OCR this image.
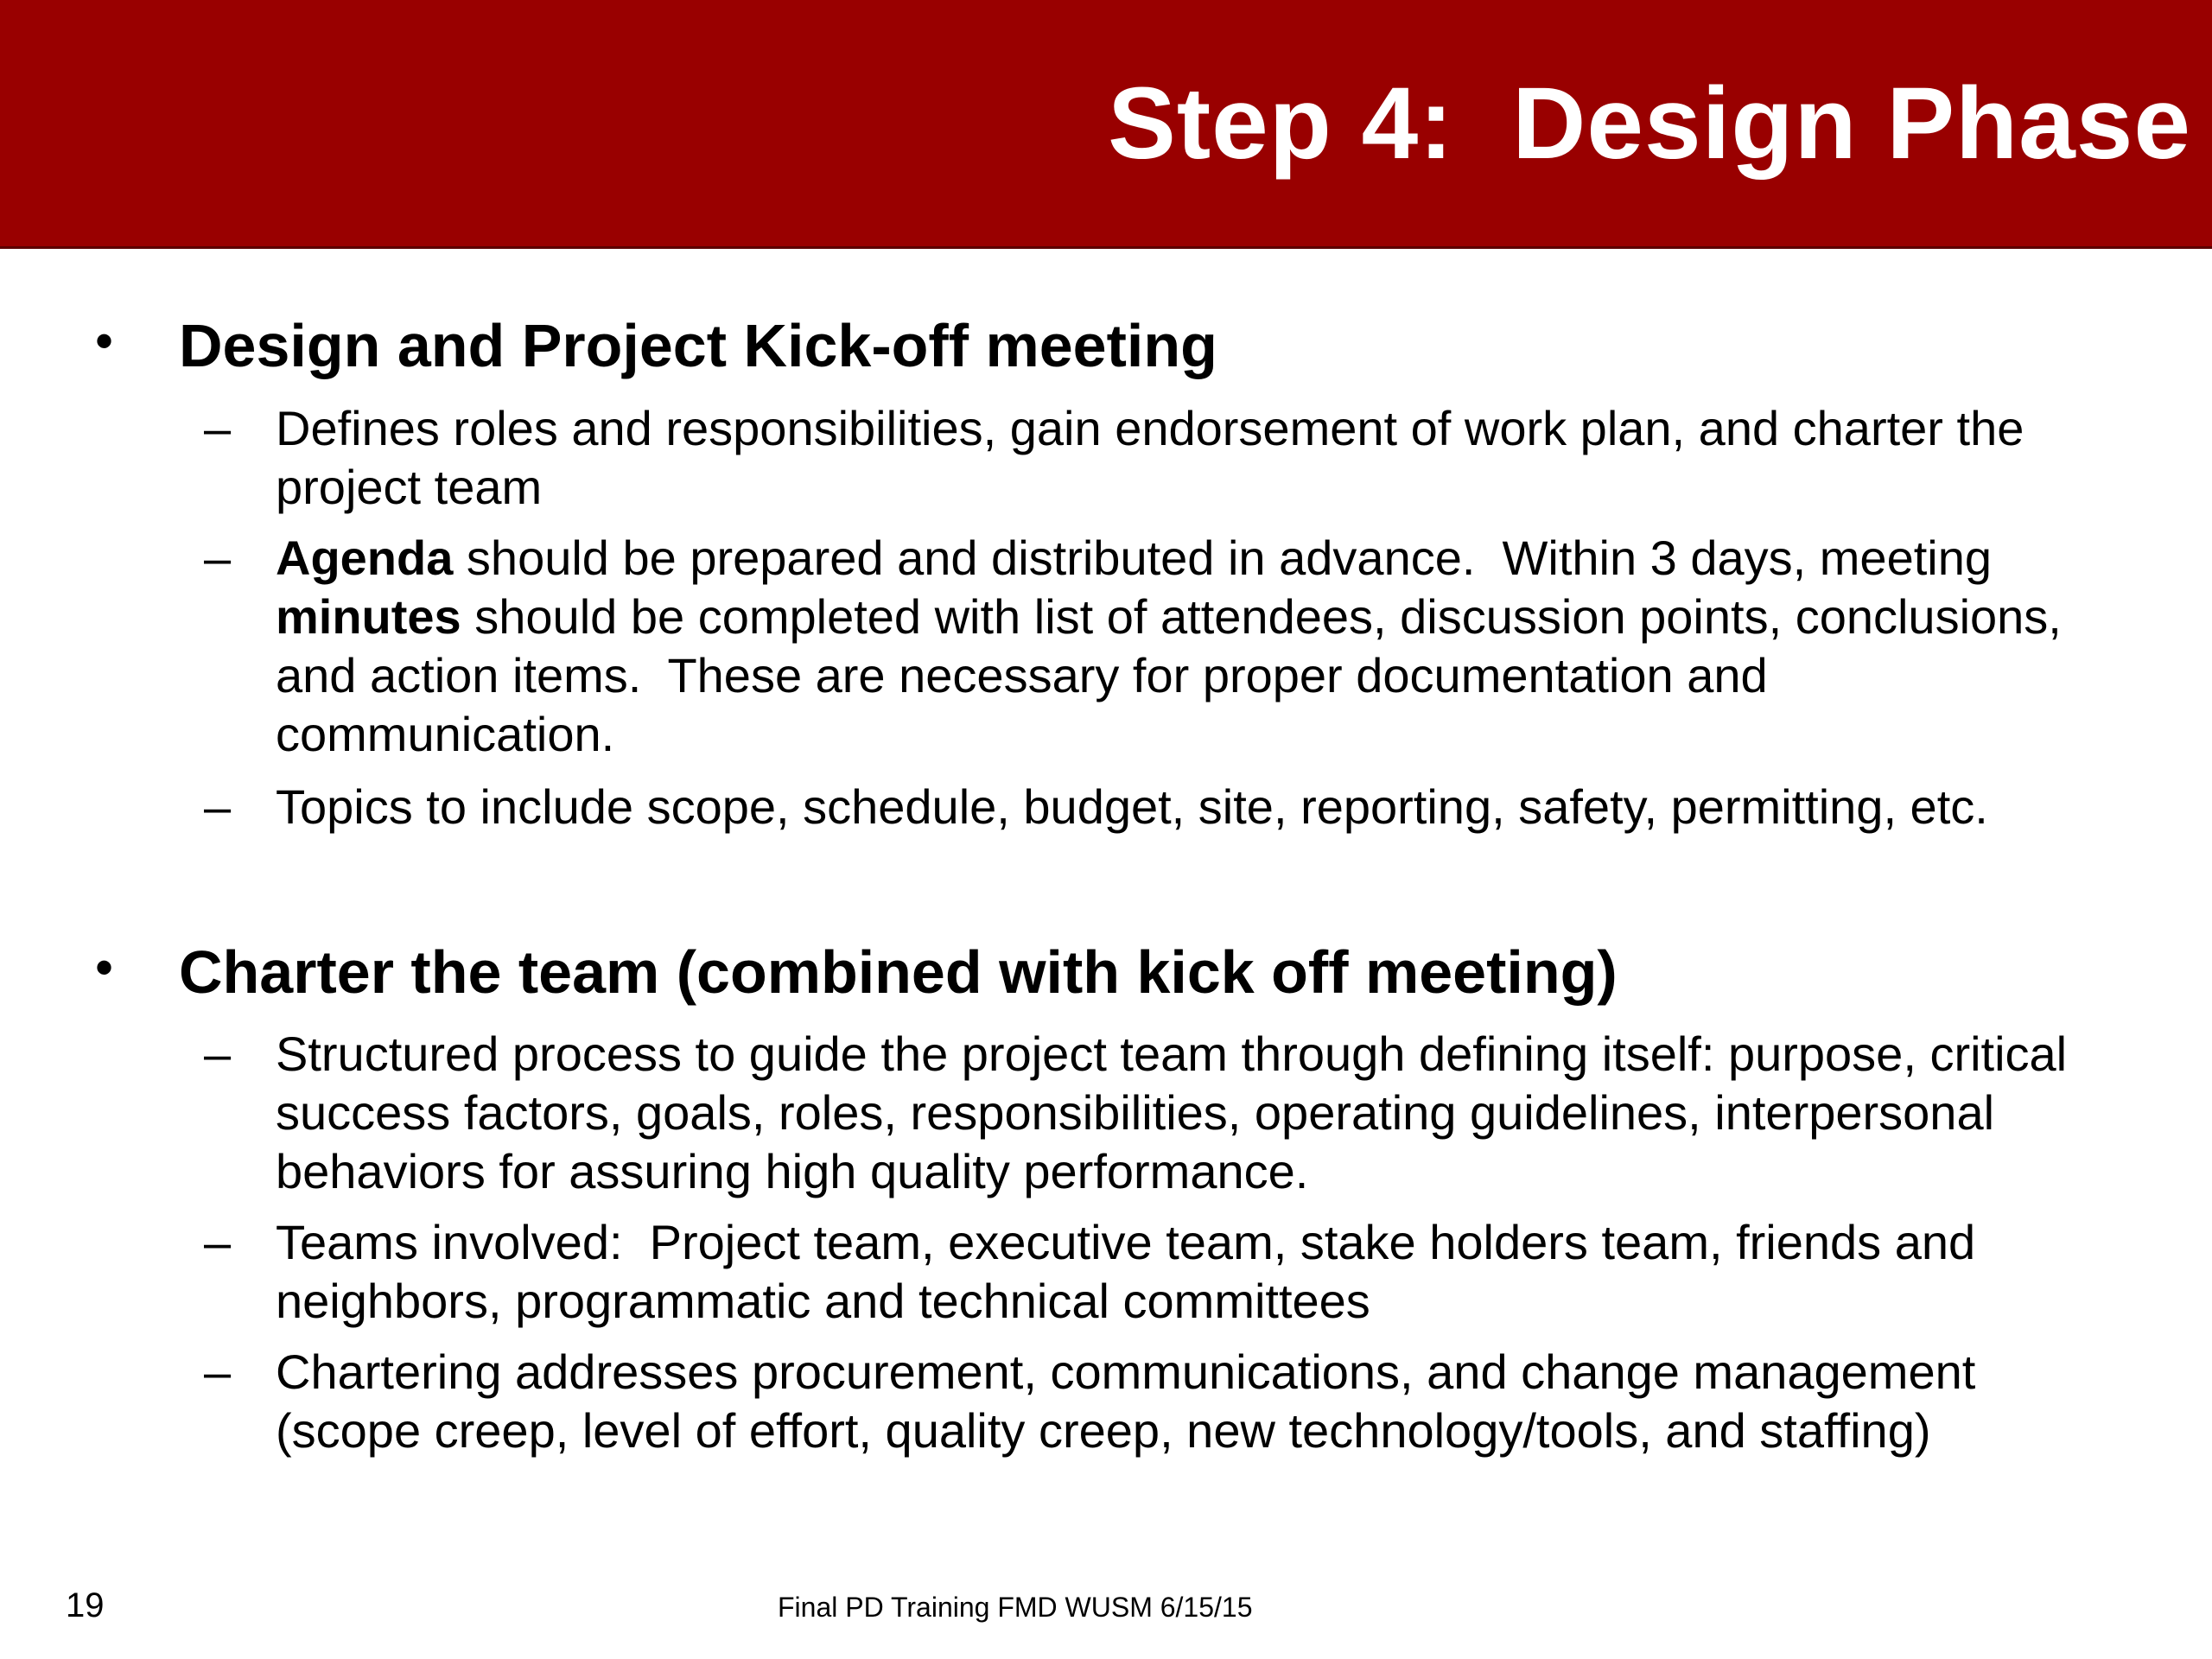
Step 4:  Design Phase
• Design and Project Kick-off meeting
– Defines roles and responsibilities, gain endorsement of work plan, and charter the
project team
– Agenda should be prepared and distributed in advance.  Within 3 days, meeting
minutes should be completed with list of attendees, discussion points, conclusions,
and action items.  These are necessary for proper documentation and
communication.
– Topics to include scope, schedule, budget, site, reporting, safety, permitting, etc.
• Charter the team (combined with kick off meeting)
– Structured process to guide the project team through defining itself: purpose, critical
success factors, goals, roles, responsibilities, operating guidelines, interpersonal
behaviors for assuring high quality performance.
– Teams involved:  Project team, executive team, stake holders team, friends and
neighbors, programmatic and technical committees
– Chartering addresses procurement, communications, and change management
(scope creep, level of effort, quality creep, new technology/tools, and staffing)
19	Final PD Training FMD WUSM 6/15/15
